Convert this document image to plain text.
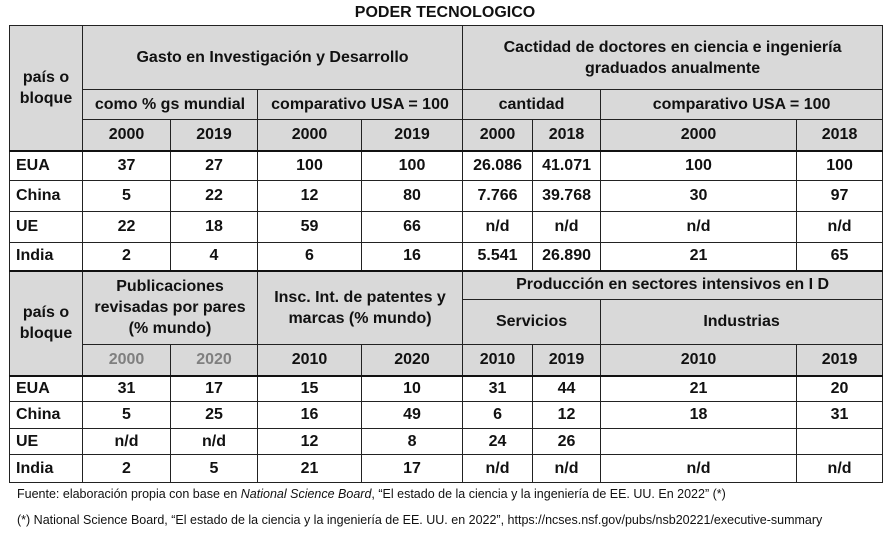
PODER TECNOLOGICO
país o bloque	Gasto en Investigación y Desarrollo				Cactidad de doctores en ciencia e ingeniería graduados anualmente			
	como % gs mundial		comparativo USA = 100		cantidad		comparativo USA = 100	
	2000	2019	2000	2019	2000	2018	2000	2018
EUA	37	27	100	100	26.086	41.071	100	100
China	5	22	12	80	7.766	39.768	30	97
UE	22	18	59	66	n/d	n/d	n/d	n/d
India	2	4	6	16	5.541	26.890	21	65
país o bloque	Publicaciones revisadas por pares (% mundo)		Insc. Int. de patentes y marcas (% mundo)		Producción en sectores intensivos en I D			
					Servicios		Industrias	
	2000	2020	2010	2020	2010	2019	2010	2019
EUA	31	17	15	10	31	44	21	20
China	5	25	16	49	6	12	18	31
UE	n/d	n/d	12	8	24	26		
India	2	5	21	17	n/d	n/d	n/d	n/d
Fuente: elaboración propia con base en National Science Board, “El estado de la ciencia y la ingeniería de EE. UU. En 2022” (*)
(*) National Science Board, “El estado de la ciencia y la ingeniería de EE. UU. en 2022”, https://ncses.nsf.gov/pubs/nsb20221/executive-summary
